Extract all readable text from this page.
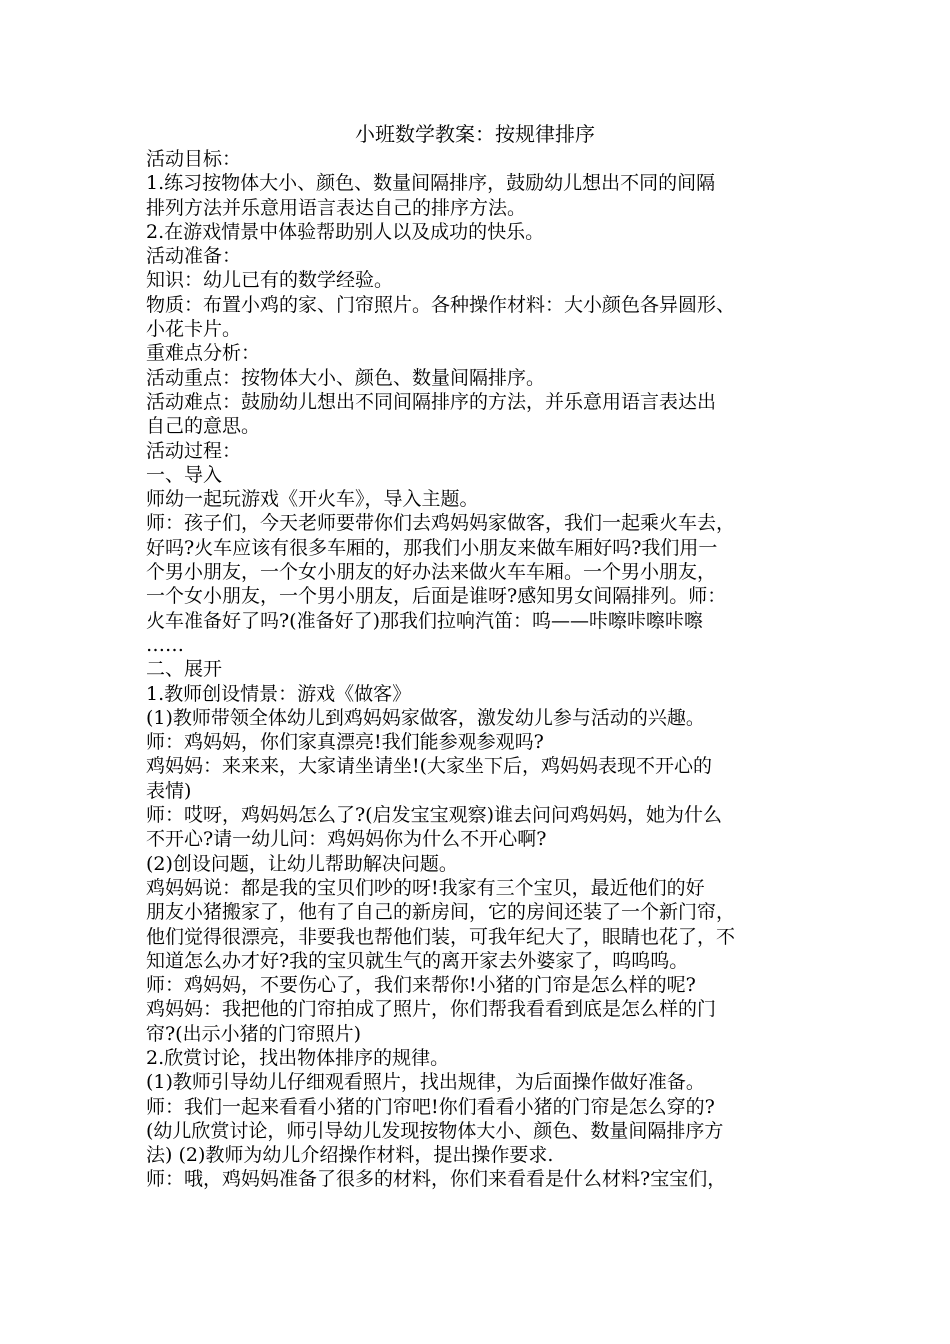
小班数学教案：按规律排序
活动目标：
1.练习按物体大小、颜色、数量间隔排序，鼓励幼儿想出不同的间隔
排列方法并乐意用语言表达自己的排序方法。
2.在游戏情景中体验帮助别人以及成功的快乐。
活动准备：
知识：幼儿已有的数学经验。
物质：布置小鸡的家、门帘照片。各种操作材料：大小颜色各异圆形、
小花卡片。
重难点分析：
活动重点：按物体大小、颜色、数量间隔排序。
活动难点：鼓励幼儿想出不同间隔排序的方法，并乐意用语言表达出
自己的意思。
活动过程：
一、导入
师幼一起玩游戏《开火车》，导入主题。
师：孩子们，今天老师要带你们去鸡妈妈家做客，我们一起乘火车去，
好吗?火车应该有很多车厢的，那我们小朋友来做车厢好吗?我们用一
个男小朋友，一个女小朋友的好办法来做火车车厢。一个男小朋友，
一个女小朋友，一个男小朋友，后面是谁呀?感知男女间隔排列。师：
火车准备好了吗?(准备好了)那我们拉响汽笛：呜——咔嚓咔嚓咔嚓
……
二、展开
1.教师创设情景：游戏《做客》
(1)教师带领全体幼儿到鸡妈妈家做客，激发幼儿参与活动的兴趣。
师：鸡妈妈，你们家真漂亮!我们能参观参观吗?
鸡妈妈：来来来，大家请坐请坐!(大家坐下后，鸡妈妈表现不开心的
表情)
师：哎呀，鸡妈妈怎么了?(启发宝宝观察)谁去问问鸡妈妈，她为什么
不开心?请一幼儿问：鸡妈妈你为什么不开心啊?
(2)创设问题，让幼儿帮助解决问题。
鸡妈妈说：都是我的宝贝们吵的呀!我家有三个宝贝，最近他们的好
朋友小猪搬家了，他有了自己的新房间，它的房间还装了一个新门帘，
他们觉得很漂亮，非要我也帮他们装，可我年纪大了，眼睛也花了，不
知道怎么办才好?我的宝贝就生气的离开家去外婆家了，呜呜呜。
师：鸡妈妈，不要伤心了，我们来帮你!小猪的门帘是怎么样的呢?
鸡妈妈：我把他的门帘拍成了照片，你们帮我看看到底是怎么样的门
帘?(出示小猪的门帘照片)
2.欣赏讨论，找出物体排序的规律。
(1)教师引导幼儿仔细观看照片，找出规律，为后面操作做好准备。
师：我们一起来看看小猪的门帘吧!你们看看小猪的门帘是怎么穿的?
(幼儿欣赏讨论，师引导幼儿发现按物体大小、颜色、数量间隔排序方
法) (2)教师为幼儿介绍操作材料，提出操作要求.
师：哦，鸡妈妈准备了很多的材料，你们来看看是什么材料?宝宝们，
